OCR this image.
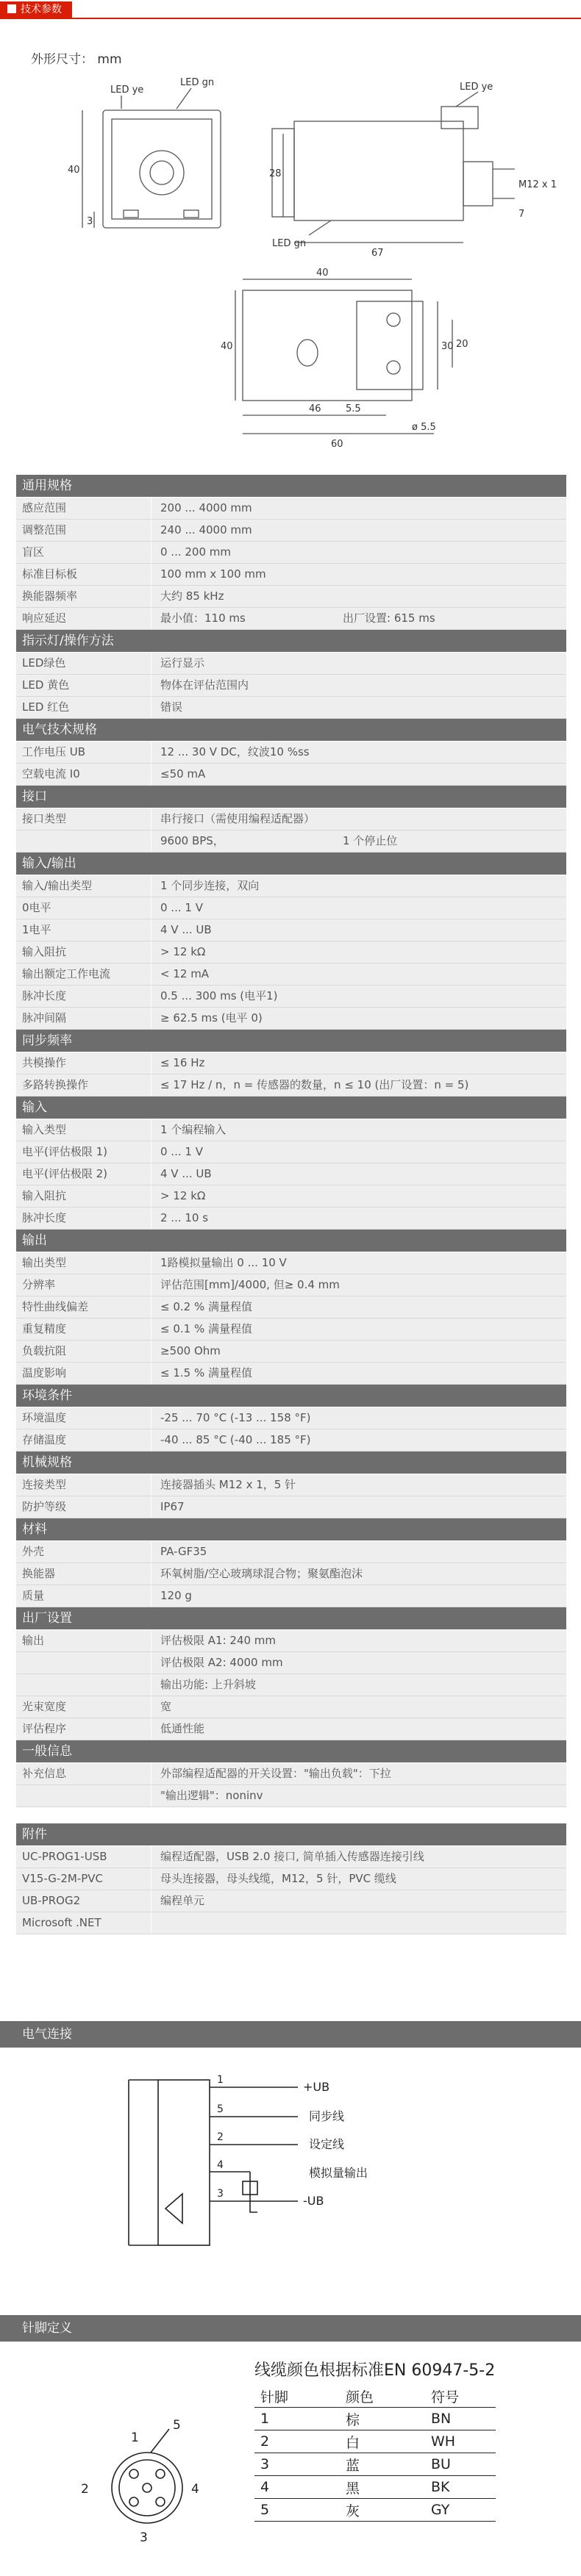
技术参数
外形尺寸： mm
LED ye
LED gn
40
3
LED ye
LED gn
28
67
M12 x 1
7
40
40	30 20
5.5
46
60
ø 5.5
通用规格
感应范围	200 ... 4000 mm
调整范围	240 ... 4000 mm
盲区	0 ... 200 mm
标准目标板	100 mm x 100 mm
换能器频率	大约 85 kHz
响应延迟	最小值：110 ms	出厂设置: 615 ms
指示灯/操作方法
LED绿色	运行显示
LED 黄色	物体在评估范围内
LED 红色	错误
电气技术规格
工作电压 UB	12 ... 30 V DC，纹波10 %ss
空载电流 I0	≤50 mA
接口
接口类型	串行接口（需使用编程适配器）
9600 BPS，	1 个停止位
输入/输出
输入/输出类型	1 个同步连接，双向
0电平	0 ... 1 V
1电平	4 V ... UB
输入阻抗	> 12 kΩ
输出额定工作电流	< 12 mA
脉冲长度	0.5 ... 300 ms (电平1)
脉冲间隔	≥ 62.5 ms (电平 0)
同步频率
共模操作	≤ 16 Hz
多路转换操作	≤ 17 Hz / n，n = 传感器的数量，n ≤ 10 (出厂设置：n = 5)
输入
输入类型	1 个编程输入
电平(评估极限 1)	0 ... 1 V
电平(评估极限 2)	4 V ... UB
输入阻抗	> 12 kΩ
脉冲长度	2 ... 10 s
输出
输出类型	1路模拟量输出 0 ... 10 V
分辨率	评估范围[mm]/4000, 但≥ 0.4 mm
特性曲线偏差	≤ 0.2 % 满量程值
重复精度	≤ 0.1 % 满量程值
负载抗阻	≥500 Ohm
温度影响	≤ 1.5 % 满量程值
环境条件
环境温度	-25 ... 70 °C (-13 ... 158 °F)
存储温度	-40 ... 85 °C (-40 ... 185 °F)
机械规格
连接类型	连接器插头 M12 x 1，5 针
防护等级	IP67
材料
外壳	PA-GF35
换能器	环氧树脂/空心玻璃球混合物；聚氨酯泡沫
质量	120 g
出厂设置
输出	评估极限 A1: 240 mm
评估极限 A2: 4000 mm
输出功能: 上升斜坡
光束宽度	宽
评估程序	低通性能
一般信息
补充信息	外部编程适配器的开关设置："输出负载"：下拉
"输出逻辑"：noninv
附件
UC-PROG1-USB	编程适配器，USB 2.0 接口, 简单插入传感器连接引线
V15-G-2M-PVC	母头连接器，母头线缆，M12，5 针，PVC 缆线
UB-PROG2	编程单元
Microsoft .NET
电气连接
1
5
2
4
3
+UB
同步线
设定线
模拟量输出
-UB
针脚定义
1
2
3
4
5
线缆颜色根据标准EN 60947-5-2
针脚	颜色	符号
1	棕	BN
2	白	WH
3	蓝	BU
4	黑	BK
5	灰	GY
